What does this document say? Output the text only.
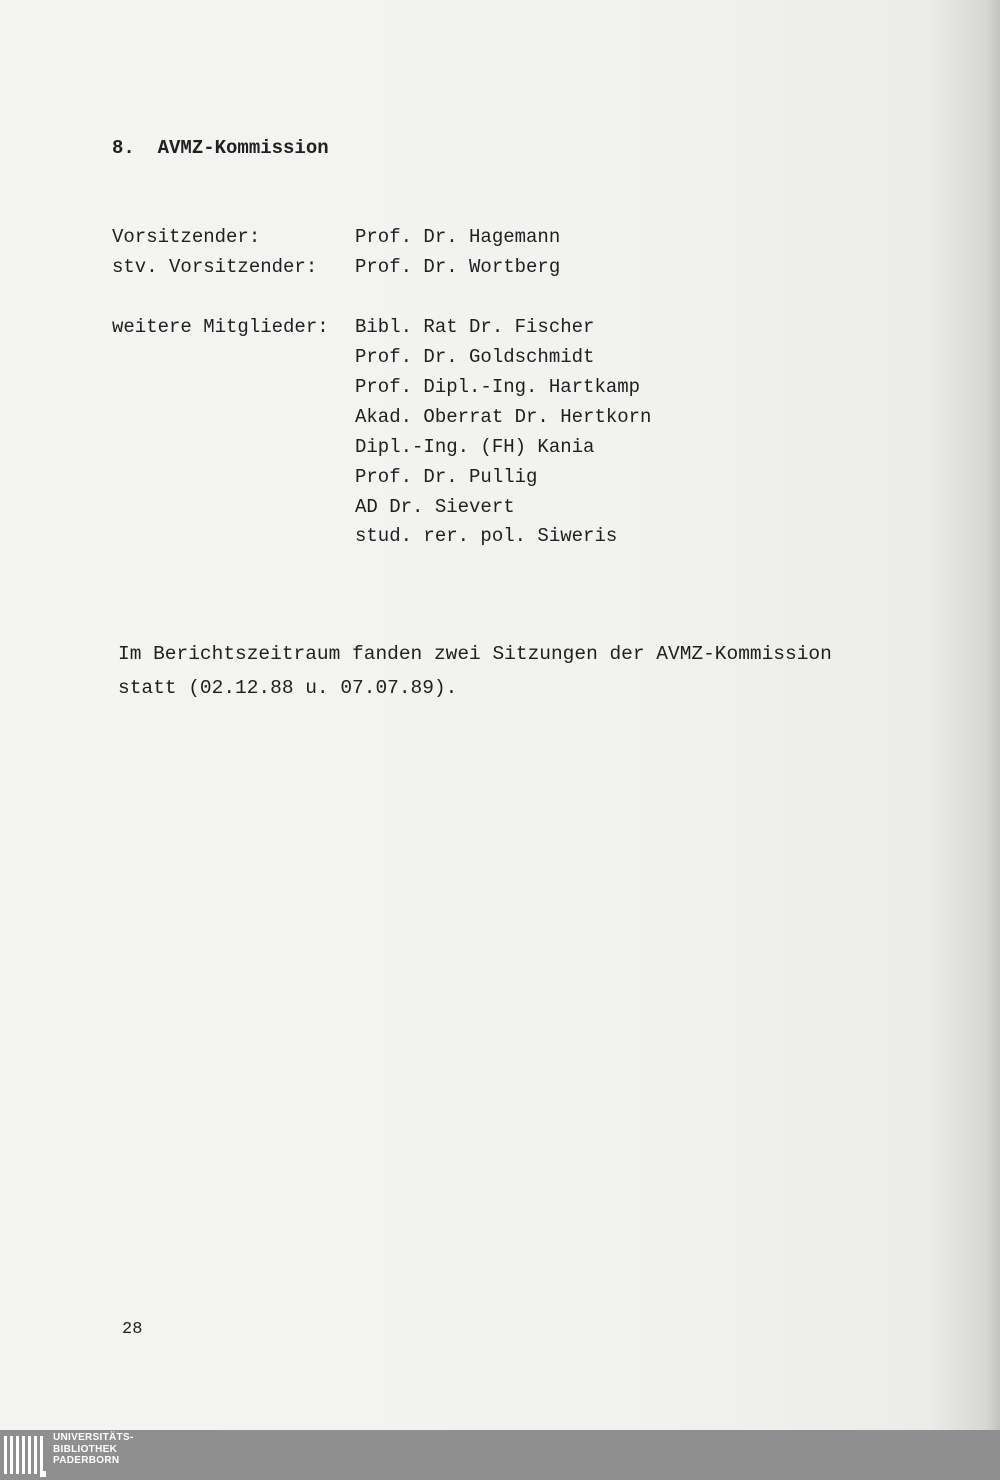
8.  AVMZ-Kommission
Vorsitzender:	Prof. Dr. Hagemann
stv. Vorsitzender: Prof. Dr. Wortberg
weitere Mitglieder: Bibl. Rat Dr. Fischer
Prof. Dr. Goldschmidt
Prof. Dipl.-Ing. Hartkamp
Akad. Oberrat Dr. Hertkorn
Dipl.-Ing. (FH) Kania
Prof. Dr. Pullig
AD Dr. Sievert
stud. rer. pol. Siweris
Im Berichtszeitraum fanden zwei Sitzungen der AVMZ-Kommission
statt (02.12.88 u. 07.07.89).
28
UNIVERSITÄTS-
BIBLIOTHEK
PADERBORN
